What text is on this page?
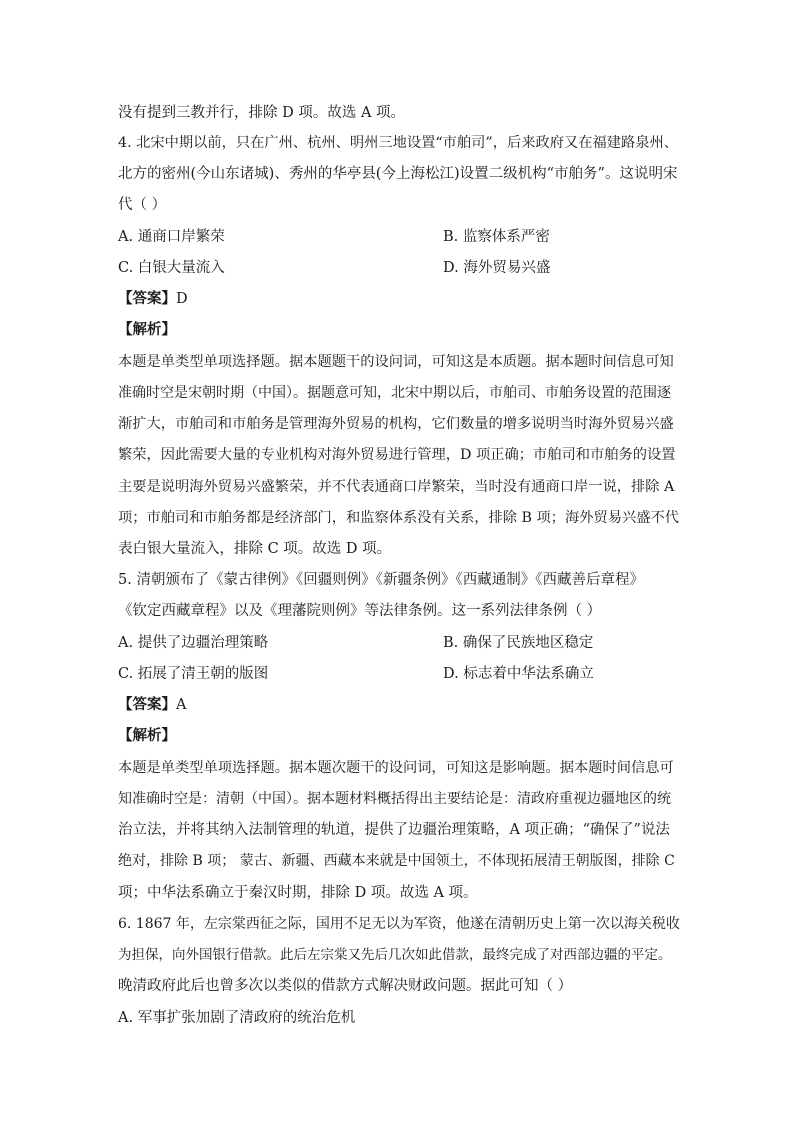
没有提到三教并行，排除 D 项。故选 A 项。
4. 北宋中期以前，只在广州、杭州、明州三地设置“市舶司”，后来政府又在福建路泉州、
北方的密州(今山东诸城)、秀州的华亭县(今上海松江)设置二级机构“市舶务”。这说明宋
代（ ）
A. 通商口岸繁荣	B. 监察体系严密
C. 白银大量流入	D. 海外贸易兴盛
【答案】D
【解析】
本题是单类型单项选择题。据本题题干的设问词，可知这是本质题。据本题时间信息可知
准确时空是宋朝时期（中国）。据题意可知，北宋中期以后，市舶司、市舶务设置的范围逐
渐扩大，市舶司和市舶务是管理海外贸易的机构，它们数量的增多说明当时海外贸易兴盛
繁荣，因此需要大量的专业机构对海外贸易进行管理，D 项正确；市舶司和市舶务的设置
主要是说明海外贸易兴盛繁荣，并不代表通商口岸繁荣，当时没有通商口岸一说，排除 A
项；市舶司和市舶务都是经济部门，和监察体系没有关系，排除 B 项；海外贸易兴盛不代
表白银大量流入，排除 C 项。故选 D 项。
5. 清朝颁布了《蒙古律例》《回疆则例》《新疆条例》《西藏通制》《西藏善后章程》
《钦定西藏章程》以及《理藩院则例》等法律条例。这一系列法律条例（ ）
A. 提供了边疆治理策略	B. 确保了民族地区稳定
C. 拓展了清王朝的版图	D. 标志着中华法系确立
【答案】A
【解析】
本题是单类型单项选择题。据本题次题干的设问词，可知这是影响题。据本题时间信息可
知准确时空是：清朝（中国）。据本题材料概括得出主要结论是：清政府重视边疆地区的统
治立法，并将其纳入法制管理的轨道，提供了边疆治理策略，A 项正确；“确保了”说法
绝对，排除 B 项； 蒙古、新疆、西藏本来就是中国领土，不体现拓展清王朝版图，排除 C
项；中华法系确立于秦汉时期，排除 D 项。故选 A 项。
6. 1867 年，左宗棠西征之际，国用不足无以为军资，他遂在清朝历史上第一次以海关税收
为担保，向外国银行借款。此后左宗棠又先后几次如此借款，最终完成了对西部边疆的平定。
晚清政府此后也曾多次以类似的借款方式解决财政问题。据此可知（ ）
A. 军事扩张加剧了清政府的统治危机
